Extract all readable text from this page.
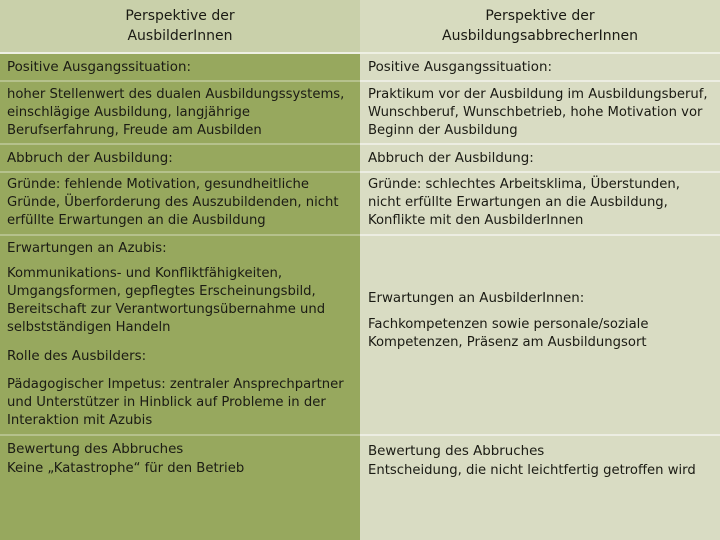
Perspektive der
AusbilderInnen
Perspektive der
AusbildungsabbrecherInnen
Positive Ausgangssituation:
hoher Stellenwert des dualen Ausbildungssystems, einschlägige Ausbildung, langjährige Berufserfahrung, Freude am Ausbilden
Abbruch der Ausbildung:
Gründe: fehlende Motivation, gesundheitliche Gründe, Überforderung des Auszubildenden, nicht erfüllte Erwartungen an die Ausbildung
Erwartungen an Azubis:
Kommunikations- und Konfliktfähigkeiten, Umgangsformen, gepflegtes Erscheinungsbild, Bereitschaft zur Verantwortungsübernahme und selbstständigen Handeln
Rolle des Ausbilders:
Pädagogischer Impetus: zentraler Ansprechpartner und Unterstützer in Hinblick auf Probleme in der Interaktion mit Azubis
Bewertung des Abbruches
Keine „Katastrophe“ für den Betrieb
Positive Ausgangssituation:
Praktikum vor der Ausbildung im Ausbildungsberuf, Wunschberuf, Wunschbetrieb, hohe Motivation vor Beginn der Ausbildung
Abbruch der Ausbildung:
Gründe: schlechtes Arbeitsklima, Überstunden, nicht erfüllte Erwartungen an die Ausbildung, Konflikte mit den AusbilderInnen
Erwartungen an AusbilderInnen:
Fachkompetenzen sowie personale/soziale Kompetenzen, Präsenz am Ausbildungsort
Bewertung des Abbruches
Entscheidung, die nicht leichtfertig getroffen wird
